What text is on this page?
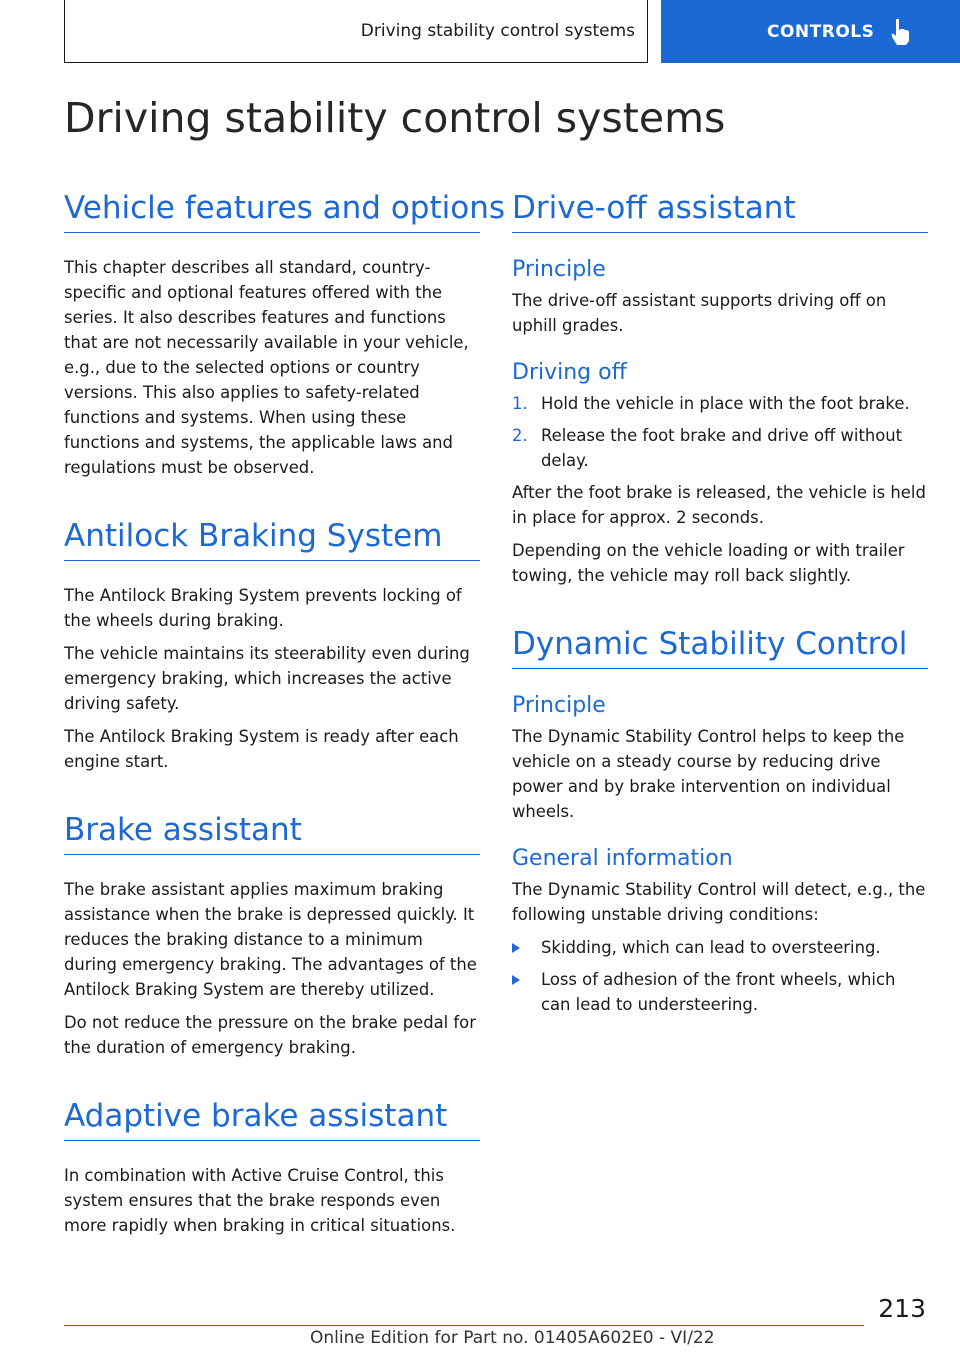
Driving stability control systems	CONTROLS
Driving stability control systems
Vehicle features and options

This chapter describes all standard, country-specific and optional features offered with the series. It also describes features and functions that are not necessarily available in your vehicle, e.g., due to the selected options or country versions. This also applies to safety-related functions and systems. When using these functions and systems, the applicable laws and regulations must be observed.

Antilock Braking System

The Antilock Braking System prevents locking of the wheels during braking.

The vehicle maintains its steerability even during emergency braking, which increases the active driving safety.

The Antilock Braking System is ready after each engine start.

Brake assistant

The brake assistant applies maximum braking assistance when the brake is depressed quickly. It reduces the braking distance to a minimum during emergency braking. The advantages of the Antilock Braking System are thereby utilized.

Do not reduce the pressure on the brake pedal for the duration of emergency braking.

Adaptive brake assistant

In combination with Active Cruise Control, this system ensures that the brake responds even more rapidly when braking in critical situations.

Drive-off assistant
Principle

The drive-off assistant supports driving off on uphill grades.

Driving off
1. Hold the vehicle in place with the foot brake.
2. Release the foot brake and drive off without delay.

After the foot brake is released, the vehicle is held in place for approx. 2 seconds.

Depending on the vehicle loading or with trailer towing, the vehicle may roll back slightly.

Dynamic Stability Control
Principle

The Dynamic Stability Control helps to keep the vehicle on a steady course by reducing drive power and by brake intervention on individual wheels.

General information

The Dynamic Stability Control will detect, e.g., the following unstable driving conditions:

Skidding, which can lead to oversteering.
Loss of adhesion of the front wheels, which can lead to understeering.
213
Online Edition for Part no. 01405A602E0 - VI/22
